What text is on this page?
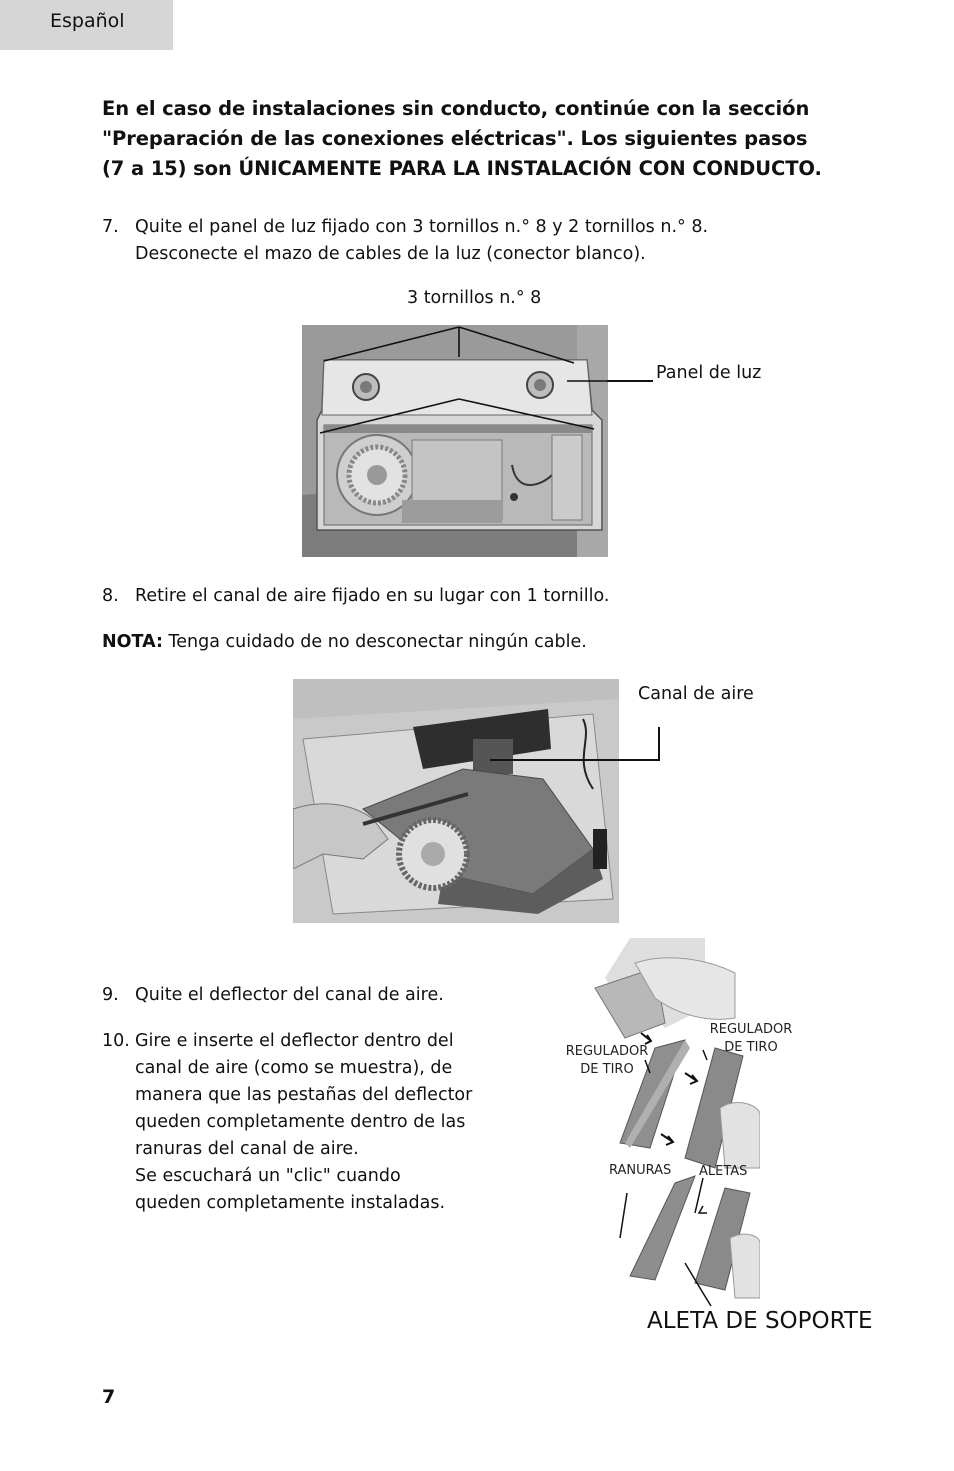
Español
En el caso de instalaciones sin conducto, continúe con la sección
"Preparación de las conexiones eléctricas". Los siguientes pasos
(7 a 15) son ÚNICAMENTE PARA LA INSTALACIÓN CON CONDUCTO.
7. Quite el panel de luz fijado con 3 tornillos n.° 8 y 2 tornillos n.° 8.
Desconecte el mazo de cables de la luz (conector blanco).
3 tornillos n.° 8
Panel de luz
8. Retire el canal de aire fijado en su lugar con 1 tornillo.
NOTA: Tenga cuidado de no desconectar ningún cable.
Canal de aire
9. Quite el deflector del canal de aire.
10. Gire e inserte el deflector dentro del
canal de aire (como se muestra), de
manera que las pestañas del deflector
queden completamente dentro de las
ranuras del canal de aire.
Se escuchará un "clic" cuando
queden completamente instaladas.
REGULADOR
DE TIRO
REGULADOR
DE TIRO
RANURAS ALETAS
ALETA DE SOPORTE
7
